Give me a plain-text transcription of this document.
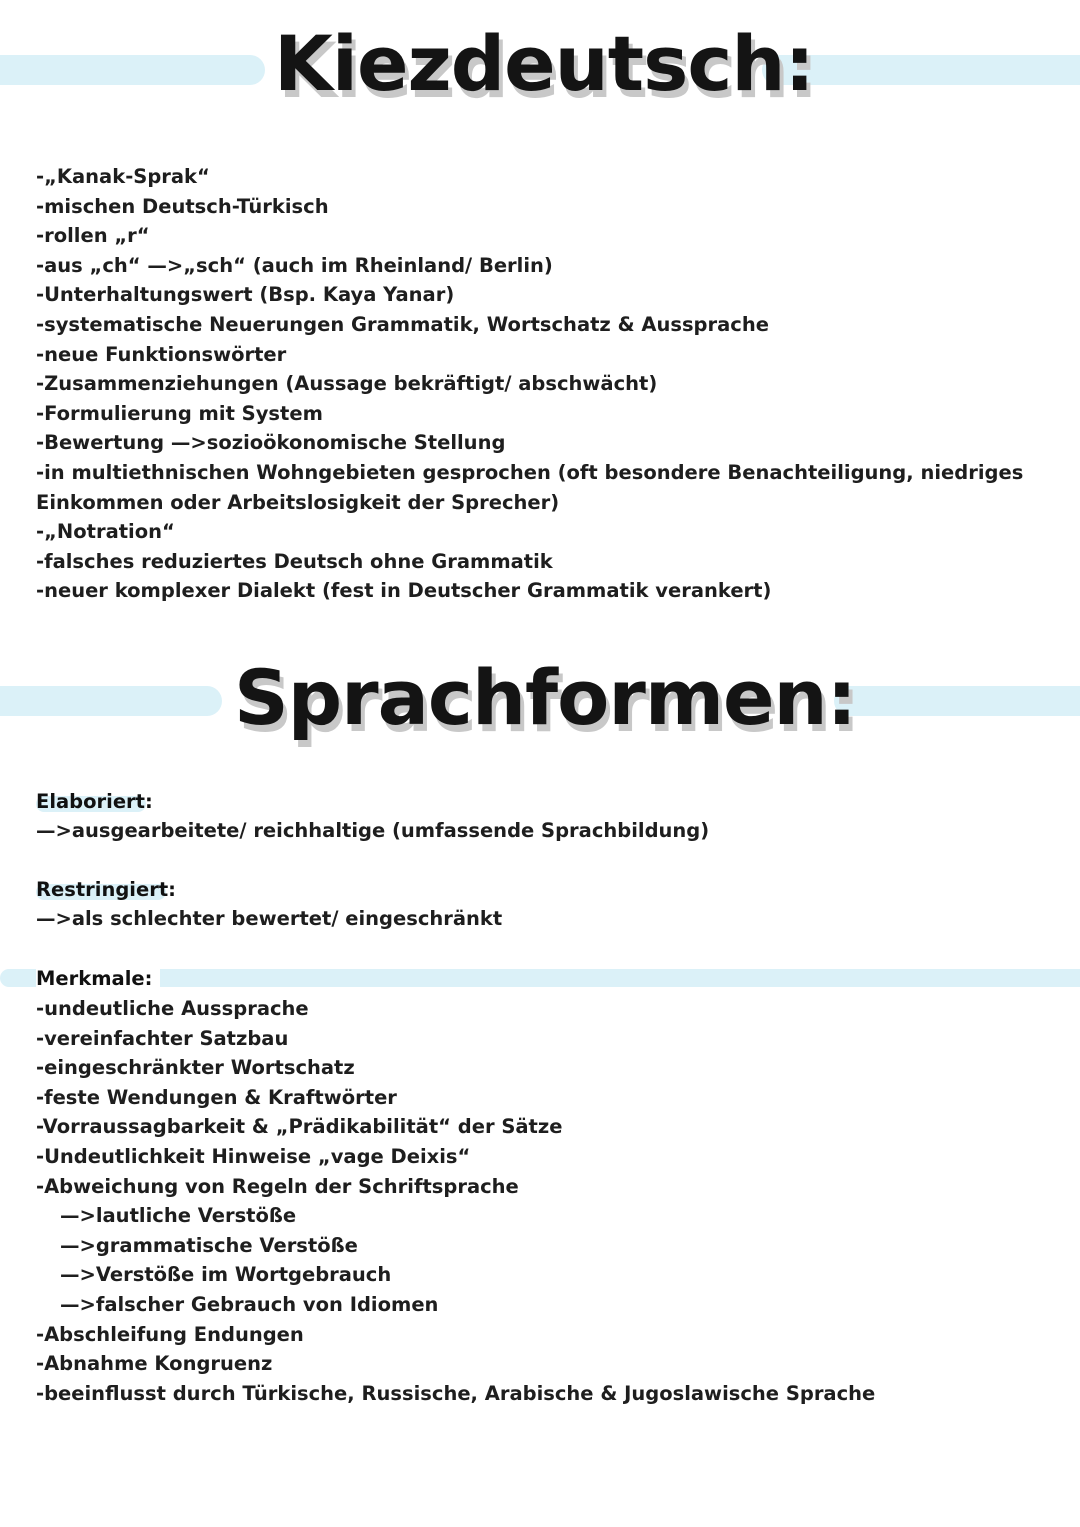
Kiezdeutsch:
-„Kanak-Sprak“
-mischen Deutsch-Türkisch
-rollen „r“
-aus „ch“ —>„sch“ (auch im Rheinland/ Berlin)
-Unterhaltungswert (Bsp. Kaya Yanar)
-systematische Neuerungen Grammatik, Wortschatz & Aussprache
-neue Funktionswörter
-Zusammenziehungen (Aussage bekräftigt/ abschwächt)
-Formulierung mit System
-Bewertung —>sozioökonomische Stellung
-in multiethnischen Wohngebieten gesprochen (oft besondere Benachteiligung, niedriges Einkommen oder Arbeitslosigkeit der Sprecher)
-„Notration“
-falsches reduziertes Deutsch ohne Grammatik
-neuer komplexer Dialekt (fest in Deutscher Grammatik verankert)
Sprachformen:
Elaboriert:
—>ausgearbeitete/ reichhaltige (umfassende Sprachbildung)
Restringiert:
—>als schlechter bewertet/ eingeschränkt
Merkmale:
-undeutliche Aussprache
-vereinfachter Satzbau
-eingeschränkter Wortschatz
-feste Wendungen & Kraftwörter
-Vorraussagbarkeit & „Prädikabilität“ der Sätze
-Undeutlichkeit Hinweise „vage Deixis“
-Abweichung von Regeln der Schriftsprache
—>lautliche Verstöße
—>grammatische Verstöße
—>Verstöße im Wortgebrauch
—>falscher Gebrauch von Idiomen
-Abschleifung Endungen
-Abnahme Kongruenz
-beeinflusst durch Türkische, Russische, Arabische & Jugoslawische Sprache
